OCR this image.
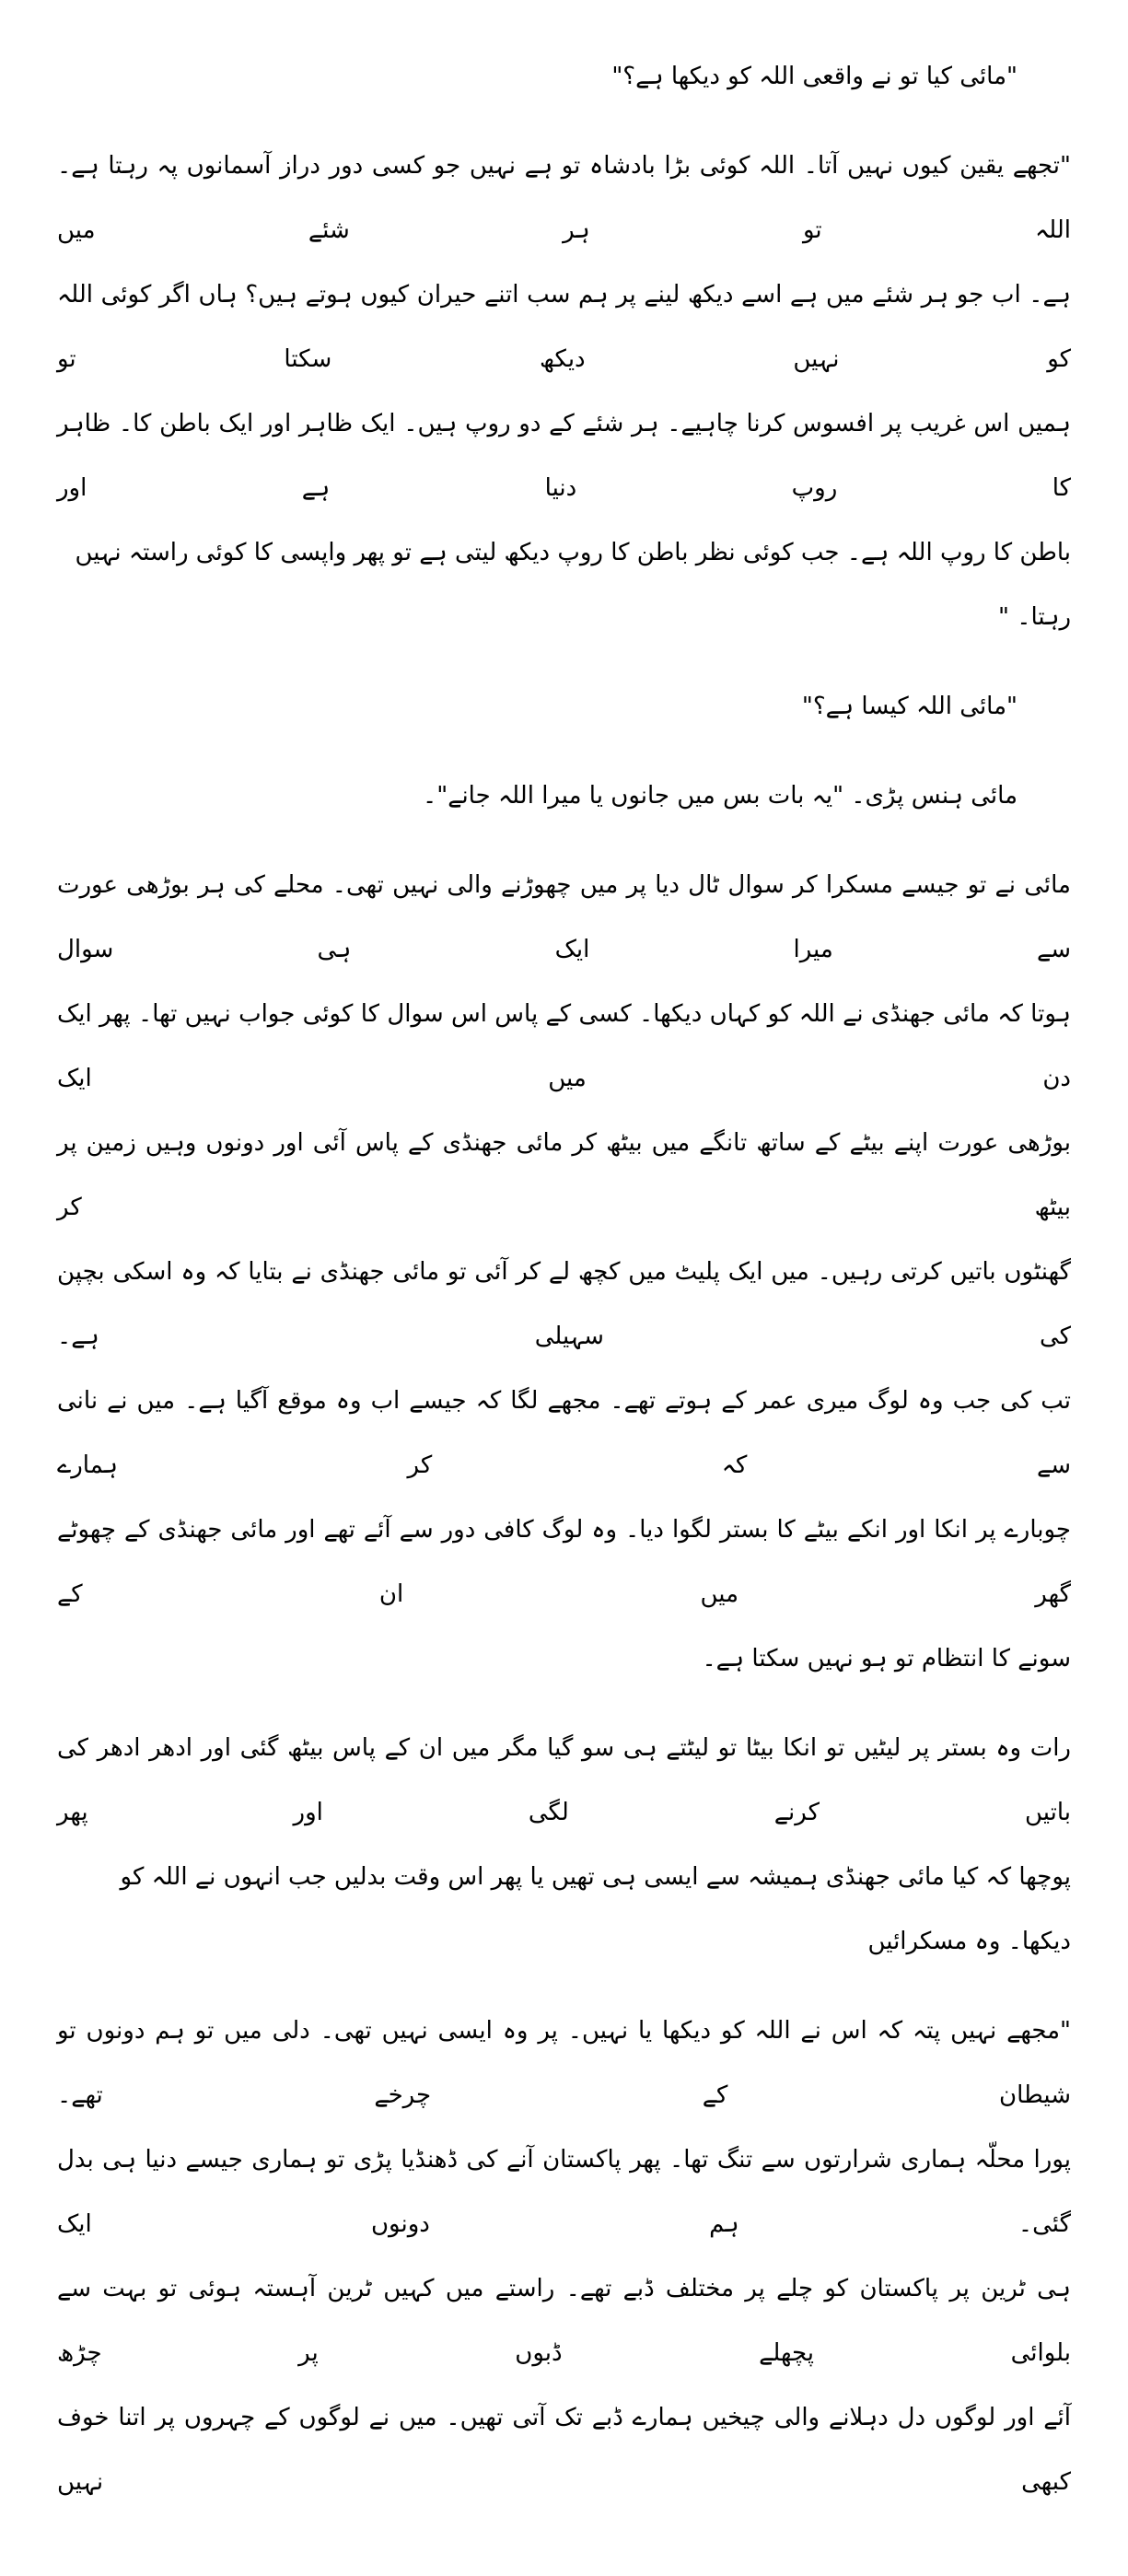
"مائی کیا تو نے واقعی اللہ کو دیکھا ہے؟"
"تجھے یقین کیوں نہیں آتا۔ اللہ کوئی بڑا بادشاہ تو ہے نہیں جو کسی دور دراز آسمانوں پہ رہتا ہے۔ اللہ تو ہر شئے میں
ہے۔ اب جو ہر شئے میں ہے اسے دیکھ لینے پر ہم سب اتنے حیران کیوں ہوتے ہیں؟ ہاں اگر کوئی اللہ کو نہیں دیکھ سکتا تو
ہمیں اس غریب پر افسوس کرنا چاہیے۔ ہر شئے کے دو روپ ہیں۔ ایک ظاہر اور ایک باطن کا۔ ظاہر کا روپ دنیا ہے اور
باطن کا روپ اللہ ہے۔ جب کوئی نظر باطن کا روپ دیکھ لیتی ہے تو پھر واپسی کا کوئی راستہ نہیں رہتا۔ "
"مائی اللہ کیسا ہے؟"
مائی ہنس پڑی۔ "یہ بات بس میں جانوں یا میرا اللہ جانے"۔
مائی نے تو جیسے مسکرا کر سوال ٹال دیا پر میں چھوڑنے والی نہیں تھی۔ محلے کی ہر بوڑھی عورت سے میرا ایک ہی سوال
ہوتا کہ مائی جھنڈی نے اللہ کو کہاں دیکھا۔ کسی کے پاس اس سوال کا کوئی جواب نہیں تھا۔ پھر ایک دن میں ایک
بوڑھی عورت اپنے بیٹے کے ساتھ تانگے میں بیٹھ کر مائی جھنڈی کے پاس آئی اور دونوں وہیں زمین پر بیٹھ کر
گھنٹوں باتیں کرتی رہیں۔ میں ایک پلیٹ میں کچھ لے کر آئی تو مائی جھنڈی نے بتایا کہ وہ اسکی بچپن کی سہیلی ہے۔
تب کی جب وہ لوگ میری عمر کے ہوتے تھے۔ مجھے لگا کہ جیسے اب وہ موقع آگیا ہے۔ میں نے نانی سے کہ کر ہمارے
چوبارے پر انکا اور انکے بیٹے کا بستر لگوا دیا۔ وہ لوگ کافی دور سے آئے تھے اور مائی جھنڈی کے چھوٹے گھر میں ان کے
سونے کا انتظام تو ہو نہیں سکتا ہے۔
رات وہ بستر پر لیٹیں تو انکا بیٹا تو لیٹتے ہی سو گیا مگر میں ان کے پاس بیٹھ گئی اور ادھر ادھر کی باتیں کرنے لگی اور پھر
پوچھا کہ کیا مائی جھنڈی ہمیشہ سے ایسی ہی تھیں یا پھر اس وقت بدلیں جب انہوں نے اللہ کو دیکھا۔ وہ مسکرائیں
"مجھے نہیں پتہ کہ اس نے اللہ کو دیکھا یا نہیں۔ پر وہ ایسی نہیں تھی۔ دلی میں تو ہم دونوں تو شیطان کے چرخے تھے۔
پورا محلّہ ہماری شرارتوں سے تنگ تھا۔ پھر پاکستان آنے کی ڈھنڈیا پڑی تو ہماری جیسے دنیا ہی بدل گئی۔ ہم دونوں ایک
ہی ٹرین پر پاکستان کو چلے پر مختلف ڈبے تھے۔ راستے میں کہیں ٹرین آہستہ ہوئی تو بہت سے بلوائی پچھلے ڈبوں پر چڑھ
آئے اور لوگوں دل دہلانے والی چیخیں ہمارے ڈبے تک آتی تھیں۔ میں نے لوگوں کے چہروں پر اتنا خوف کبھی نہیں
